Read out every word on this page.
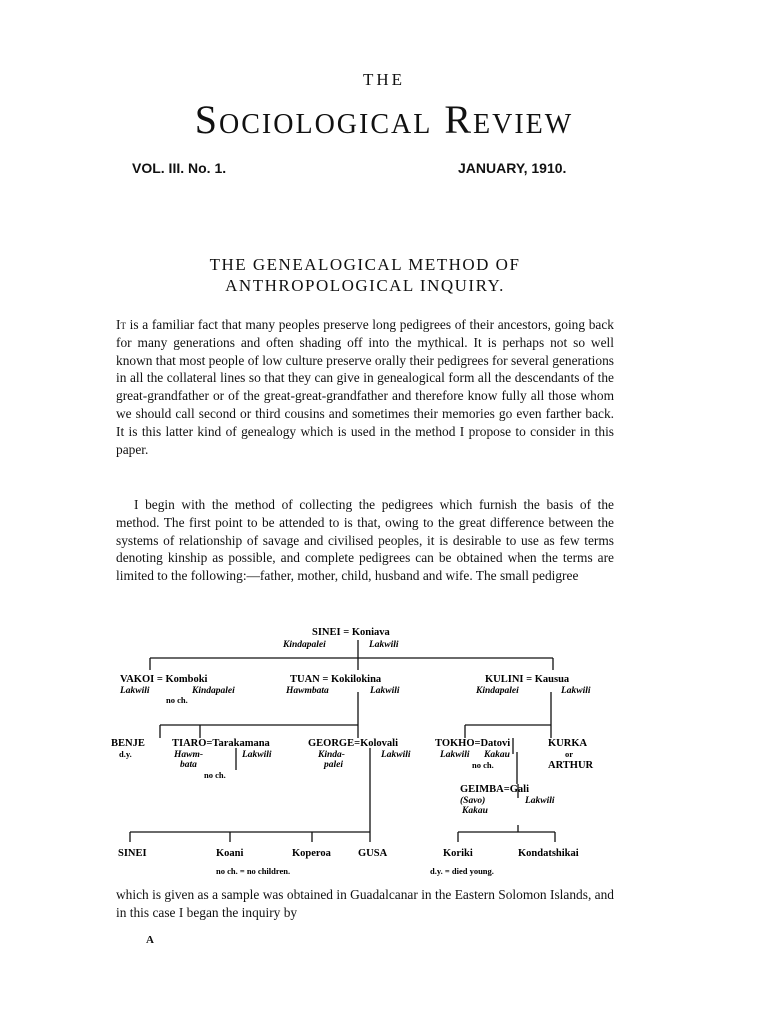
THE
Sociological Review
VOL. III. No. 1.	JANUARY, 1910.
THE GENEALOGICAL METHOD OF
ANTHROPOLOGICAL INQUIRY.
It is a familiar fact that many peoples preserve long pedigrees of their ancestors, going back for many generations and often shading off into the mythical. It is perhaps not so well known that most people of low culture preserve orally their pedigrees for several generations in all the collateral lines so that they can give in genealogical form all the descendants of the great-grandfather or of the great-great-grandfather and therefore know fully all those whom we should call second or third cousins and sometimes their memories go even farther back. It is this latter kind of genealogy which is used in the method I propose to consider in this paper.
I begin with the method of collecting the pedigrees which furnish the basis of the method. The first point to be attended to is that, owing to the great difference between the systems of relationship of savage and civilised peoples, it is desirable to use as few terms denoting kinship as possible, and complete pedigrees can be obtained when the terms are limited to the following:—father, mother, child, husband and wife. The small pedigree
SINEI = Koniava
Kindapalei	Lakwili
VAKOI = Komboki
Lakwili	Kindapalei
no ch.
TUAN = Kokilokina
Hawmbata	Lakwili
KULINI = Kausua
Kindapalei	Lakwili
BENJE
d.y.
TIARO=Tarakamana
Hawm-
bata
Lakwili
no ch.
GEORGE=Kolovali
Kinda-
palei
Lakwili
TOKHO=Datovi
Lakwili Kakau
no ch.
KURKA
or
ARTHUR
GEIMBA=Gali
(Savo)
Kakau
Lakwili
SINEI	Koani	Koperoa	GUSA	Koriki	Kondatshikai
no ch. = no children.	d.y. = died young.
which is given as a sample was obtained in Guadalcanar in the Eastern Solomon Islands, and in this case I began the inquiry by
A
